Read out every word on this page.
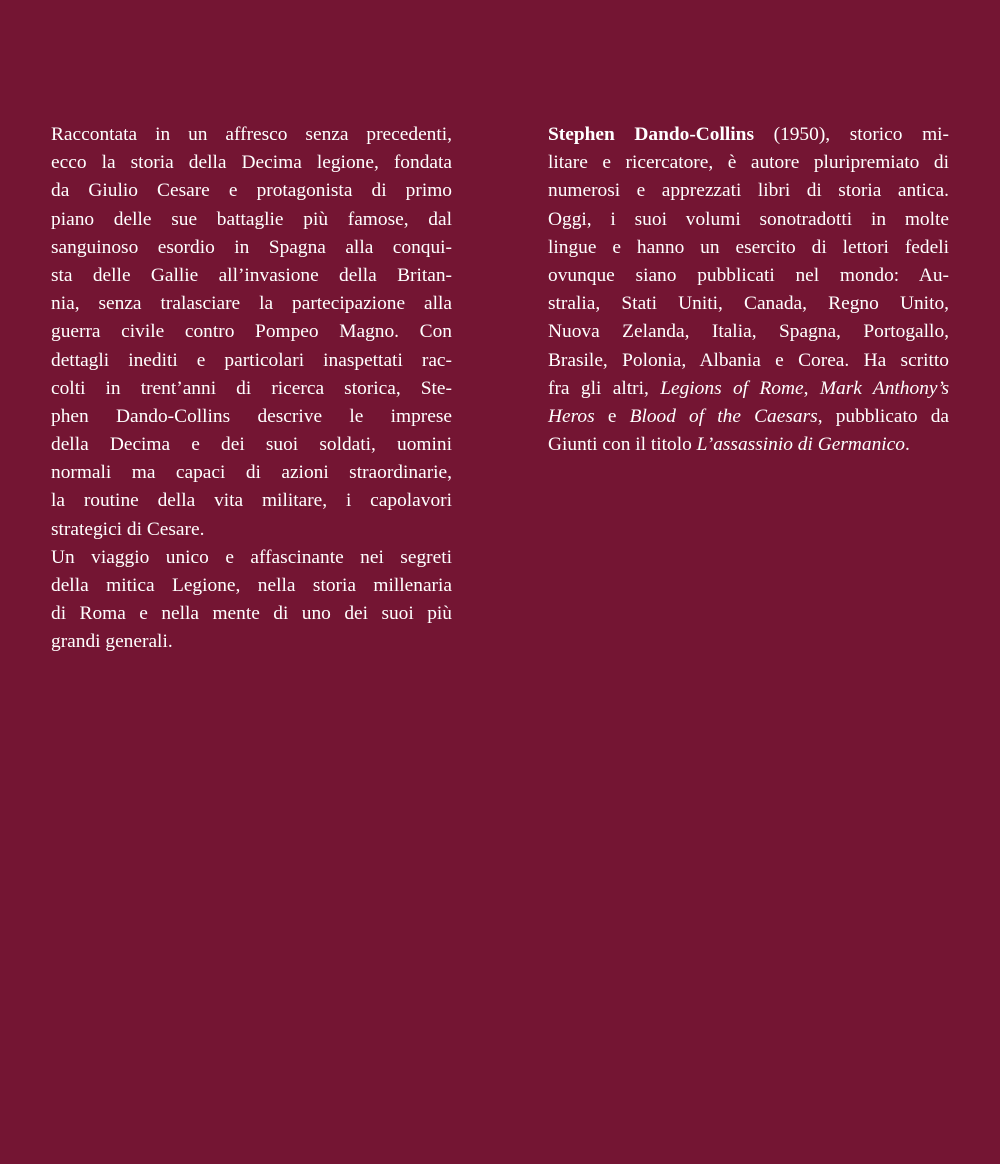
Raccontata in un affresco senza precedenti,
ecco la storia della Decima legione, fondata
da Giulio Cesare e protagonista di primo
piano delle sue battaglie più famose, dal
sanguinoso esordio in Spagna alla conqui-
sta delle Gallie all’invasione della Britan-
nia, senza tralasciare la partecipazione alla
guerra civile contro Pompeo Magno. Con
dettagli inediti e particolari inaspettati rac-
colti in trent’anni di ricerca storica, Ste-
phen Dando-Collins descrive le imprese
della Decima e dei suoi soldati, uomini
normali ma capaci di azioni straordinarie,
la routine della vita militare, i capolavori
strategici di Cesare.
Un viaggio unico e affascinante nei segreti
della mitica Legione, nella storia millenaria
di Roma e nella mente di uno dei suoi più
grandi generali.
Stephen Dando-Collins (1950), storico mi-
litare e ricercatore, è autore pluripremiato di
numerosi e apprezzati libri di storia antica.
Oggi, i suoi volumi sonotradotti in molte
lingue e hanno un esercito di lettori fedeli
ovunque siano pubblicati nel mondo: Au-
stralia, Stati Uniti, Canada, Regno Unito,
Nuova Zelanda, Italia, Spagna, Portogallo,
Brasile, Polonia, Albania e Corea. Ha scritto
fra gli altri, Legions of Rome, Mark Anthony’s
Heros e Blood of the Caesars, pubblicato da
Giunti con il titolo L’assassinio di Germanico.
